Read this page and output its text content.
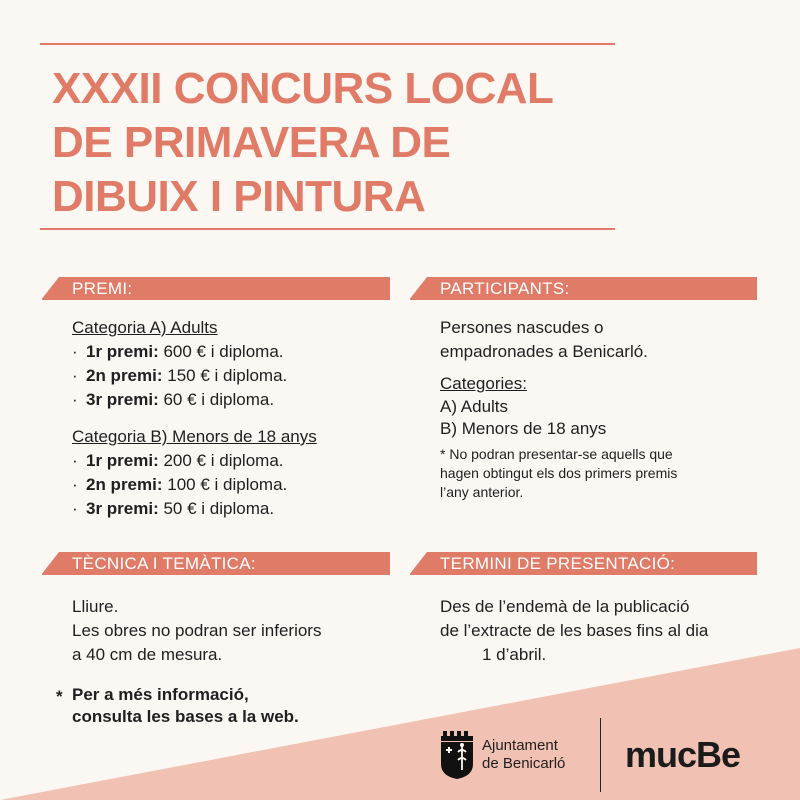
XXXII CONCURS LOCAL
DE PRIMAVERA DE
DIBUIX I PINTURA
PREMI:
Categoria A) Adults
· 1r premi: 600 € i diploma.
· 2n premi: 150 € i diploma.
· 3r premi: 60 € i diploma.
Categoria B) Menors de 18 anys
· 1r premi: 200 € i diploma.
· 2n premi: 100 € i diploma.
· 3r premi: 50 € i diploma.
PARTICIPANTS:
Persones nascudes o
empadronades a Benicarló.
Categories:
A) Adults
B) Menors de 18 anys
* No podran presentar-se aquells que
hagen obtingut els dos primers premis
l’any anterior.
TÈCNICA I TEMÀTICA:
Lliure.
Les obres no podran ser inferiors
a 40 cm de mesura.
TERMINI DE PRESENTACIÓ:
Des de l’endemà de la publicació
de l’extracte de les bases fins al dia
1 d’abril.
* Per a més informació,
consulta les bases a la web.
Ajuntament
de Benicarló mucBe
